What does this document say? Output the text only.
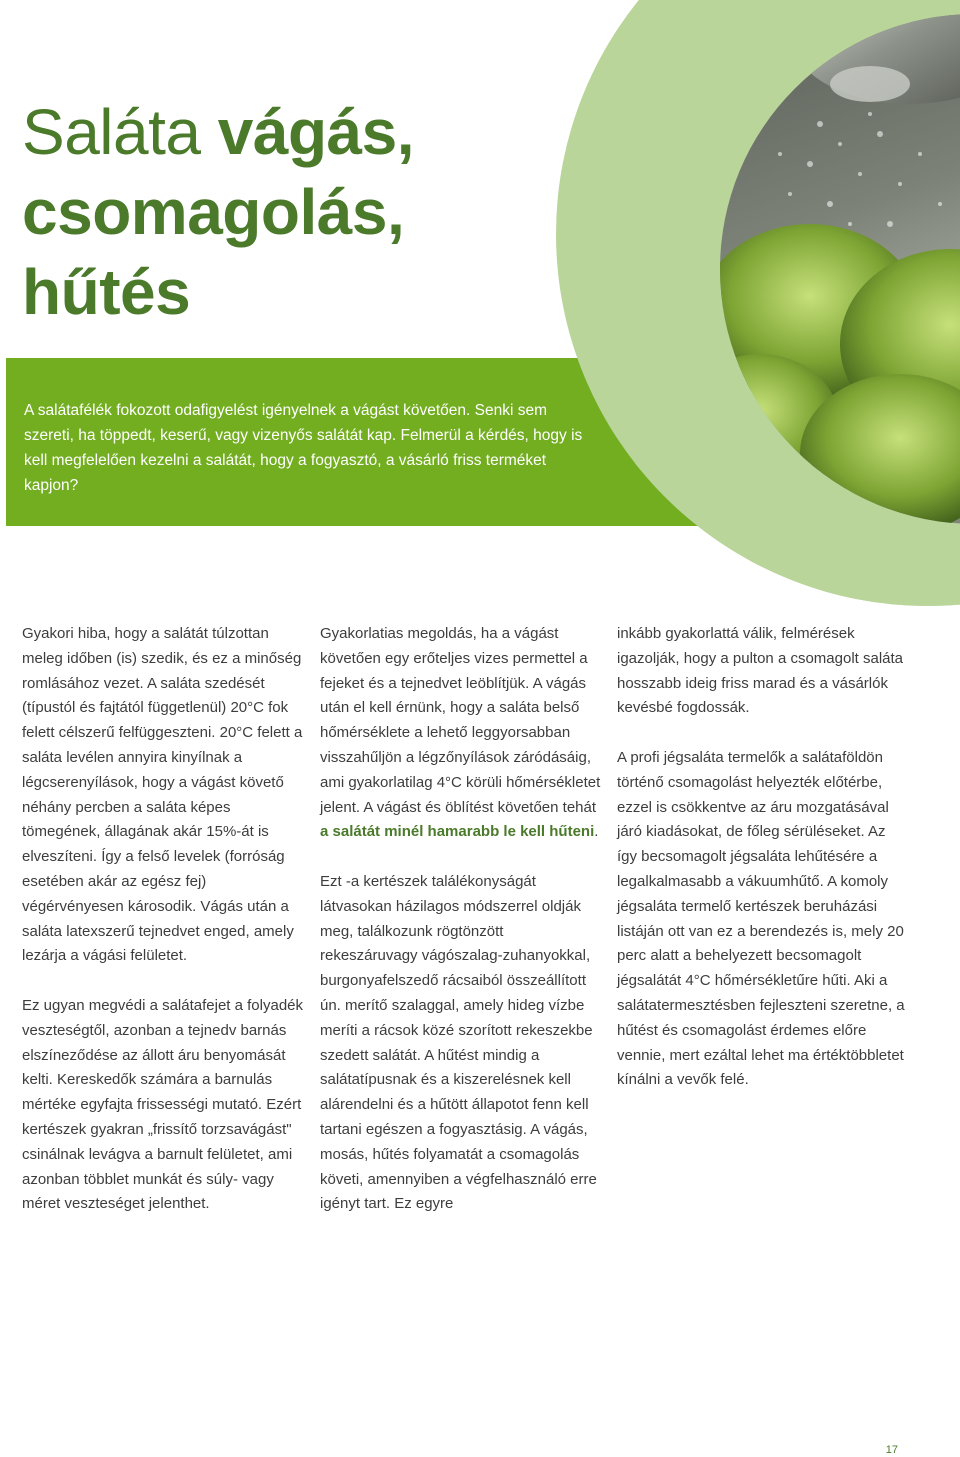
A salátafélék fokozott odafigyelést igényelnek a vágást követően. Senki sem szereti, ha töppedt, keserű, vagy vizenyős salátát kap. Felmerül a kérdés, hogy is kell megfelelően kezelni a salátát, hogy a fogyasztó, a vásárló friss terméket kapjon?

Saláta vágás,
csomagolás,
hűtés

Gyakori hiba, hogy a salátát túlzottan meleg időben (is) szedik, és ez a minőség romlásához vezet. A saláta szedését (típustól és fajtától függetlenül) 20°C fok felett célszerű felfüggeszteni. 20°C felett a saláta levélen annyira kinyílnak a légcserenyílások, hogy a vágást követő néhány percben a saláta képes tömegének, állagának akár 15%-át is elveszíteni. Így a felső levelek (forróság esetében akár az egész fej) végérvényesen károsodik. Vágás után a saláta latexszerű tejnedvet enged, amely lezárja a vágási felületet.

Ez ugyan megvédi a salátafejet a folyadék veszteségtől, azonban a tejnedv barnás elszíneződése az állott áru benyomását kelti. Kereskedők számára a barnulás mértéke egyfajta frissességi mutató. Ezért kertészek gyakran „frissítő torzsavágást" csinálnak levágva a barnult felületet, ami azonban többlet munkát és súly- vagy méret veszteséget jelenthet.

Gyakorlatias megoldás, ha a vágást követően egy erőteljes vizes permettel a fejeket és a tejnedvet leöblítjük. A vágás után el kell érnünk, hogy a saláta belső hőmérséklete a lehető leggyorsabban visszahűljön a légzőnyílások záródásáig, ami gyakorlatilag 4°C körüli hőmérsékletet jelent. A vágást és öblítést követően tehát a salátát minél hamarabb le kell hűteni.

Ezt -a kertészek találékonyságát látvasokan házilagos módszerrel oldják meg, találkozunk rögtönzött rekeszáruvagy vágószalag-zuhanyokkal, burgonyafelszedő rácsaiból összeállított ún. merítő szalaggal, amely hideg vízbe meríti a rácsok közé szorított rekeszekbe szedett salátát. A hűtést mindig a salátatípusnak és a kiszerelésnek kell alárendelni és a hűtött állapotot fenn kell tartani egészen a fogyasztásig. A vágás, mosás, hűtés folyamatát a csomagolás követi, amennyiben a végfelhasználó erre igényt tart. Ez egyre

inkább gyakorlattá válik, felmérések igazolják, hogy a pulton a csomagolt saláta hosszabb ideig friss marad és a vásárlók kevésbé fogdossák.

A profi jégsaláta termelők a salátaföldön történő csomagolást helyezték előtérbe, ezzel is csökkentve az áru mozgatásával járó kiadásokat, de főleg sérüléseket. Az így becsomagolt jégsaláta lehűtésére a legalkalmasabb a vákuumhűtő. A komoly jégsaláta termelő kertészek beruházási listáján ott van ez a berendezés is, mely 20 perc alatt a behelyezett becsomagolt jégsalátát 4°C hőmérsékletűre hűti. Aki a salátatermesztésben fejleszteni szeretne, a hűtést és csomagolást érdemes előre vennie, mert ezáltal lehet ma értéktöbbletet kínálni a vevők felé.

17
